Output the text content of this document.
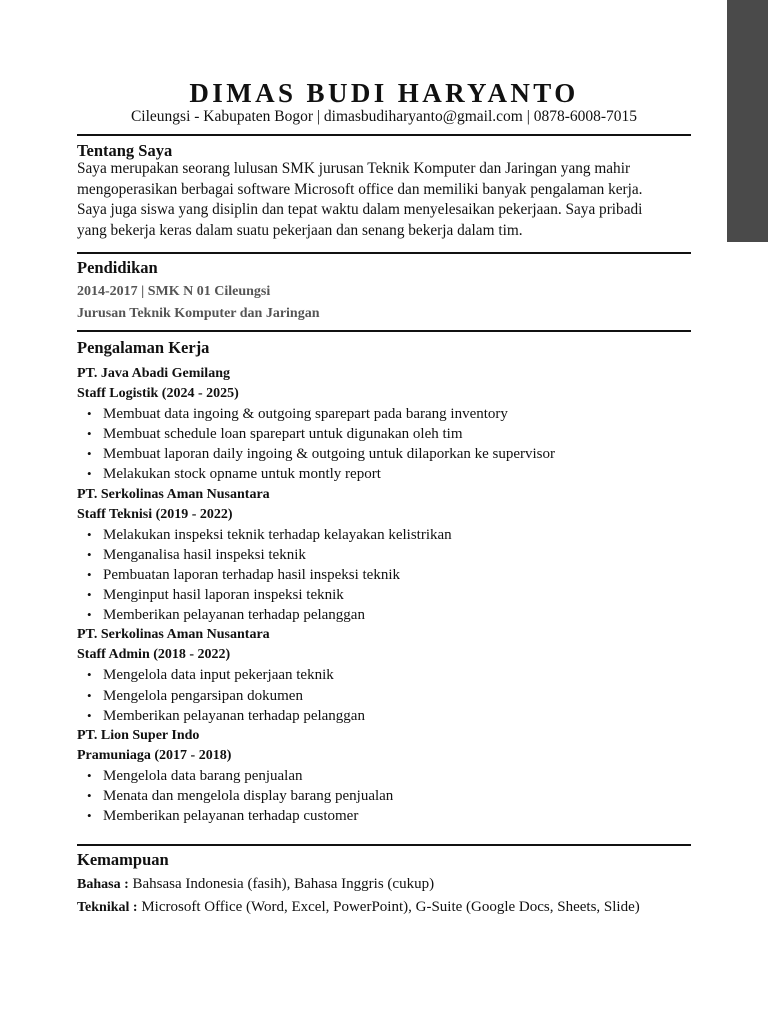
DIMAS BUDI HARYANTO
Cileungsi - Kabupaten Bogor | dimasbudiharyanto@gmail.com | 0878-6008-7015
Tentang Saya
Saya merupakan seorang lulusan SMK jurusan Teknik Komputer dan Jaringan yang mahir
mengoperasikan berbagai software Microsoft office dan memiliki banyak pengalaman kerja.
Saya juga siswa yang disiplin dan tepat waktu dalam menyelesaikan pekerjaan. Saya pribadi
yang bekerja keras dalam suatu pekerjaan dan senang bekerja dalam tim.
Pendidikan
2014-2017 | SMK N 01 Cileungsi
Jurusan Teknik Komputer dan Jaringan
Pengalaman Kerja
PT. Java Abadi Gemilang
Staff Logistik (2024 - 2025)
• Membuat data ingoing & outgoing sparepart pada barang inventory
• Membuat schedule loan sparepart untuk digunakan oleh tim
• Membuat laporan daily ingoing & outgoing untuk dilaporkan ke supervisor
• Melakukan stock opname untuk montly report
PT. Serkolinas Aman Nusantara
Staff Teknisi (2019 - 2022)
• Melakukan inspeksi teknik terhadap kelayakan kelistrikan
• Menganalisa hasil inspeksi teknik
• Pembuatan laporan terhadap hasil inspeksi teknik
• Menginput hasil laporan inspeksi teknik
• Memberikan pelayanan terhadap pelanggan
PT. Serkolinas Aman Nusantara
Staff Admin (2018 - 2022)
• Mengelola data input pekerjaan teknik
• Mengelola pengarsipan dokumen
• Memberikan pelayanan terhadap pelanggan
PT. Lion Super Indo
Pramuniaga (2017 - 2018)
• Mengelola data barang penjualan
• Menata dan mengelola display barang penjualan
• Memberikan pelayanan terhadap customer
Kemampuan
Bahasa : Bahsasa Indonesia (fasih), Bahasa Inggris (cukup)
Teknikal : Microsoft Office (Word, Excel, PowerPoint), G-Suite (Google Docs, Sheets, Slide)
